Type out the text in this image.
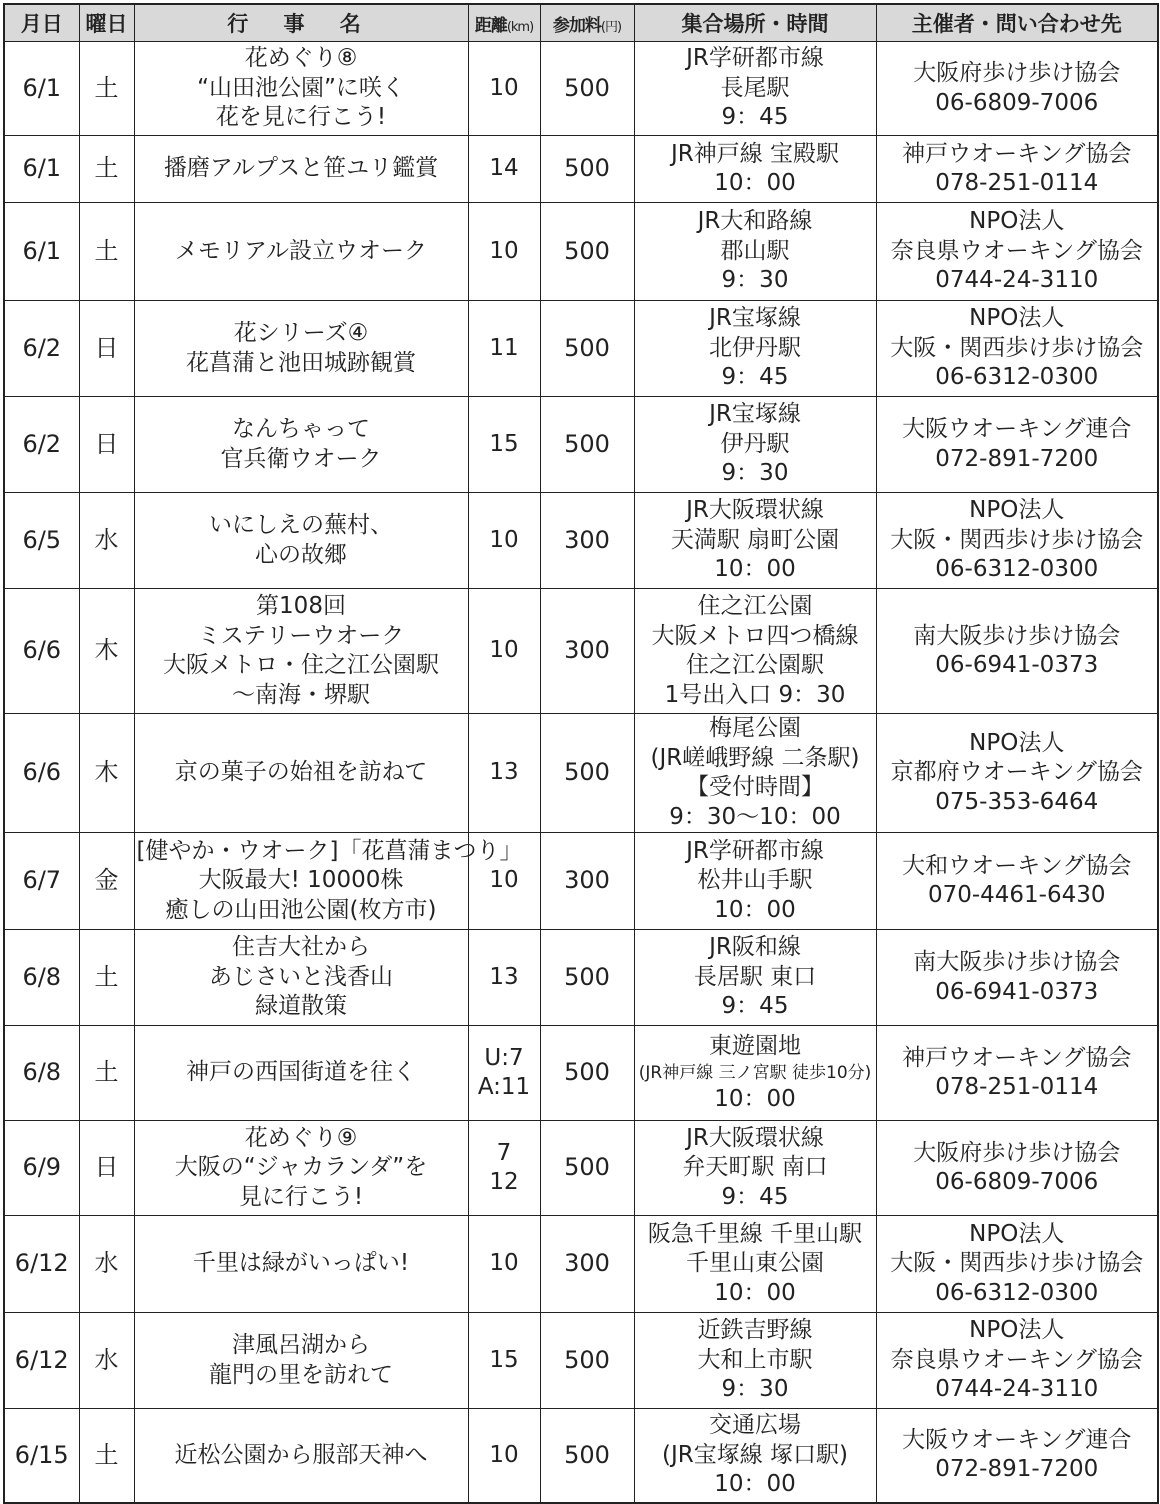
月日	曜日	行 事 名	距離(km)	参加料(円)	集合場所・時間	主催者・問い合わせ先
6/1	土	花めぐり⑧
“山田池公園”に咲く
花を見に行こう!	10	500	JR学研都市線
長尾駅
9：45	大阪府歩け歩け協会
06-6809-7006

6/1	土	播磨アルプスと笹ユリ鑑賞	14	500	JR神戸線 宝殿駅
10：00	神戸ウオーキング協会
078-251-0114

6/1	土	メモリアル設立ウオーク	10	500	JR大和路線
郡山駅
9：30	NPO法人
奈良県ウオーキング協会
0744-24-3110

6/2	日	花シリーズ④
花菖蒲と池田城跡観賞	11	500	JR宝塚線
北伊丹駅
9：45	NPO法人
大阪・関西歩け歩け協会
06-6312-0300

6/2	日	なんちゃって
官兵衛ウオーク	15	500	JR宝塚線
伊丹駅
9：30	大阪ウオーキング連合
072-891-7200

6/5	水	いにしえの蕪村、
心の故郷	10	300	JR大阪環状線
天満駅 扇町公園
10：00	NPO法人
大阪・関西歩け歩け協会
06-6312-0300

6/6	木	第108回
ミステリーウオーク
大阪メトロ・住之江公園駅
〜南海・堺駅	10	300	住之江公園
大阪メトロ四つ橋線
住之江公園駅
1号出入口 9：30	南大阪歩け歩け協会
06-6941-0373

6/6	木	京の菓子の始祖を訪ねて	13	500	梅尾公園
(JR嵯峨野線 二条駅)
【受付時間】
9：30〜10：00	NPO法人
京都府ウオーキング協会
075-353-6464

6/7	金	[健やか・ウオーク]「花菖蒲まつり」
大阪最大! 10000株
癒しの山田池公園(枚方市)	10	300	JR学研都市線
松井山手駅
10：00	大和ウオーキング協会
070-4461-6430

6/8	土	住吉大社から
あじさいと浅香山
緑道散策	13	500	JR阪和線
長居駅 東口
9：45	南大阪歩け歩け協会
06-6941-0373

6/8	土	神戸の西国街道を往く	U:7
A:11	500	東遊園地
(JR神戸線 三ノ宮駅 徒歩10分)
10：00	神戸ウオーキング協会
078-251-0114

6/9	日	花めぐり⑨
大阪の“ジャカランダ”を
見に行こう!	7
12	500	JR大阪環状線
弁天町駅 南口
9：45	大阪府歩け歩け協会
06-6809-7006

6/12	水	千里は緑がいっぱい!	10	300	阪急千里線 千里山駅
千里山東公園
10：00	NPO法人
大阪・関西歩け歩け協会
06-6312-0300

6/12	水	津風呂湖から
龍門の里を訪れて	15	500	近鉄吉野線
大和上市駅
9：30	NPO法人
奈良県ウオーキング協会
0744-24-3110

6/15	土	近松公園から服部天神へ	10	500	交通広場
(JR宝塚線 塚口駅)
10：00	大阪ウオーキング連合
072-891-7200
